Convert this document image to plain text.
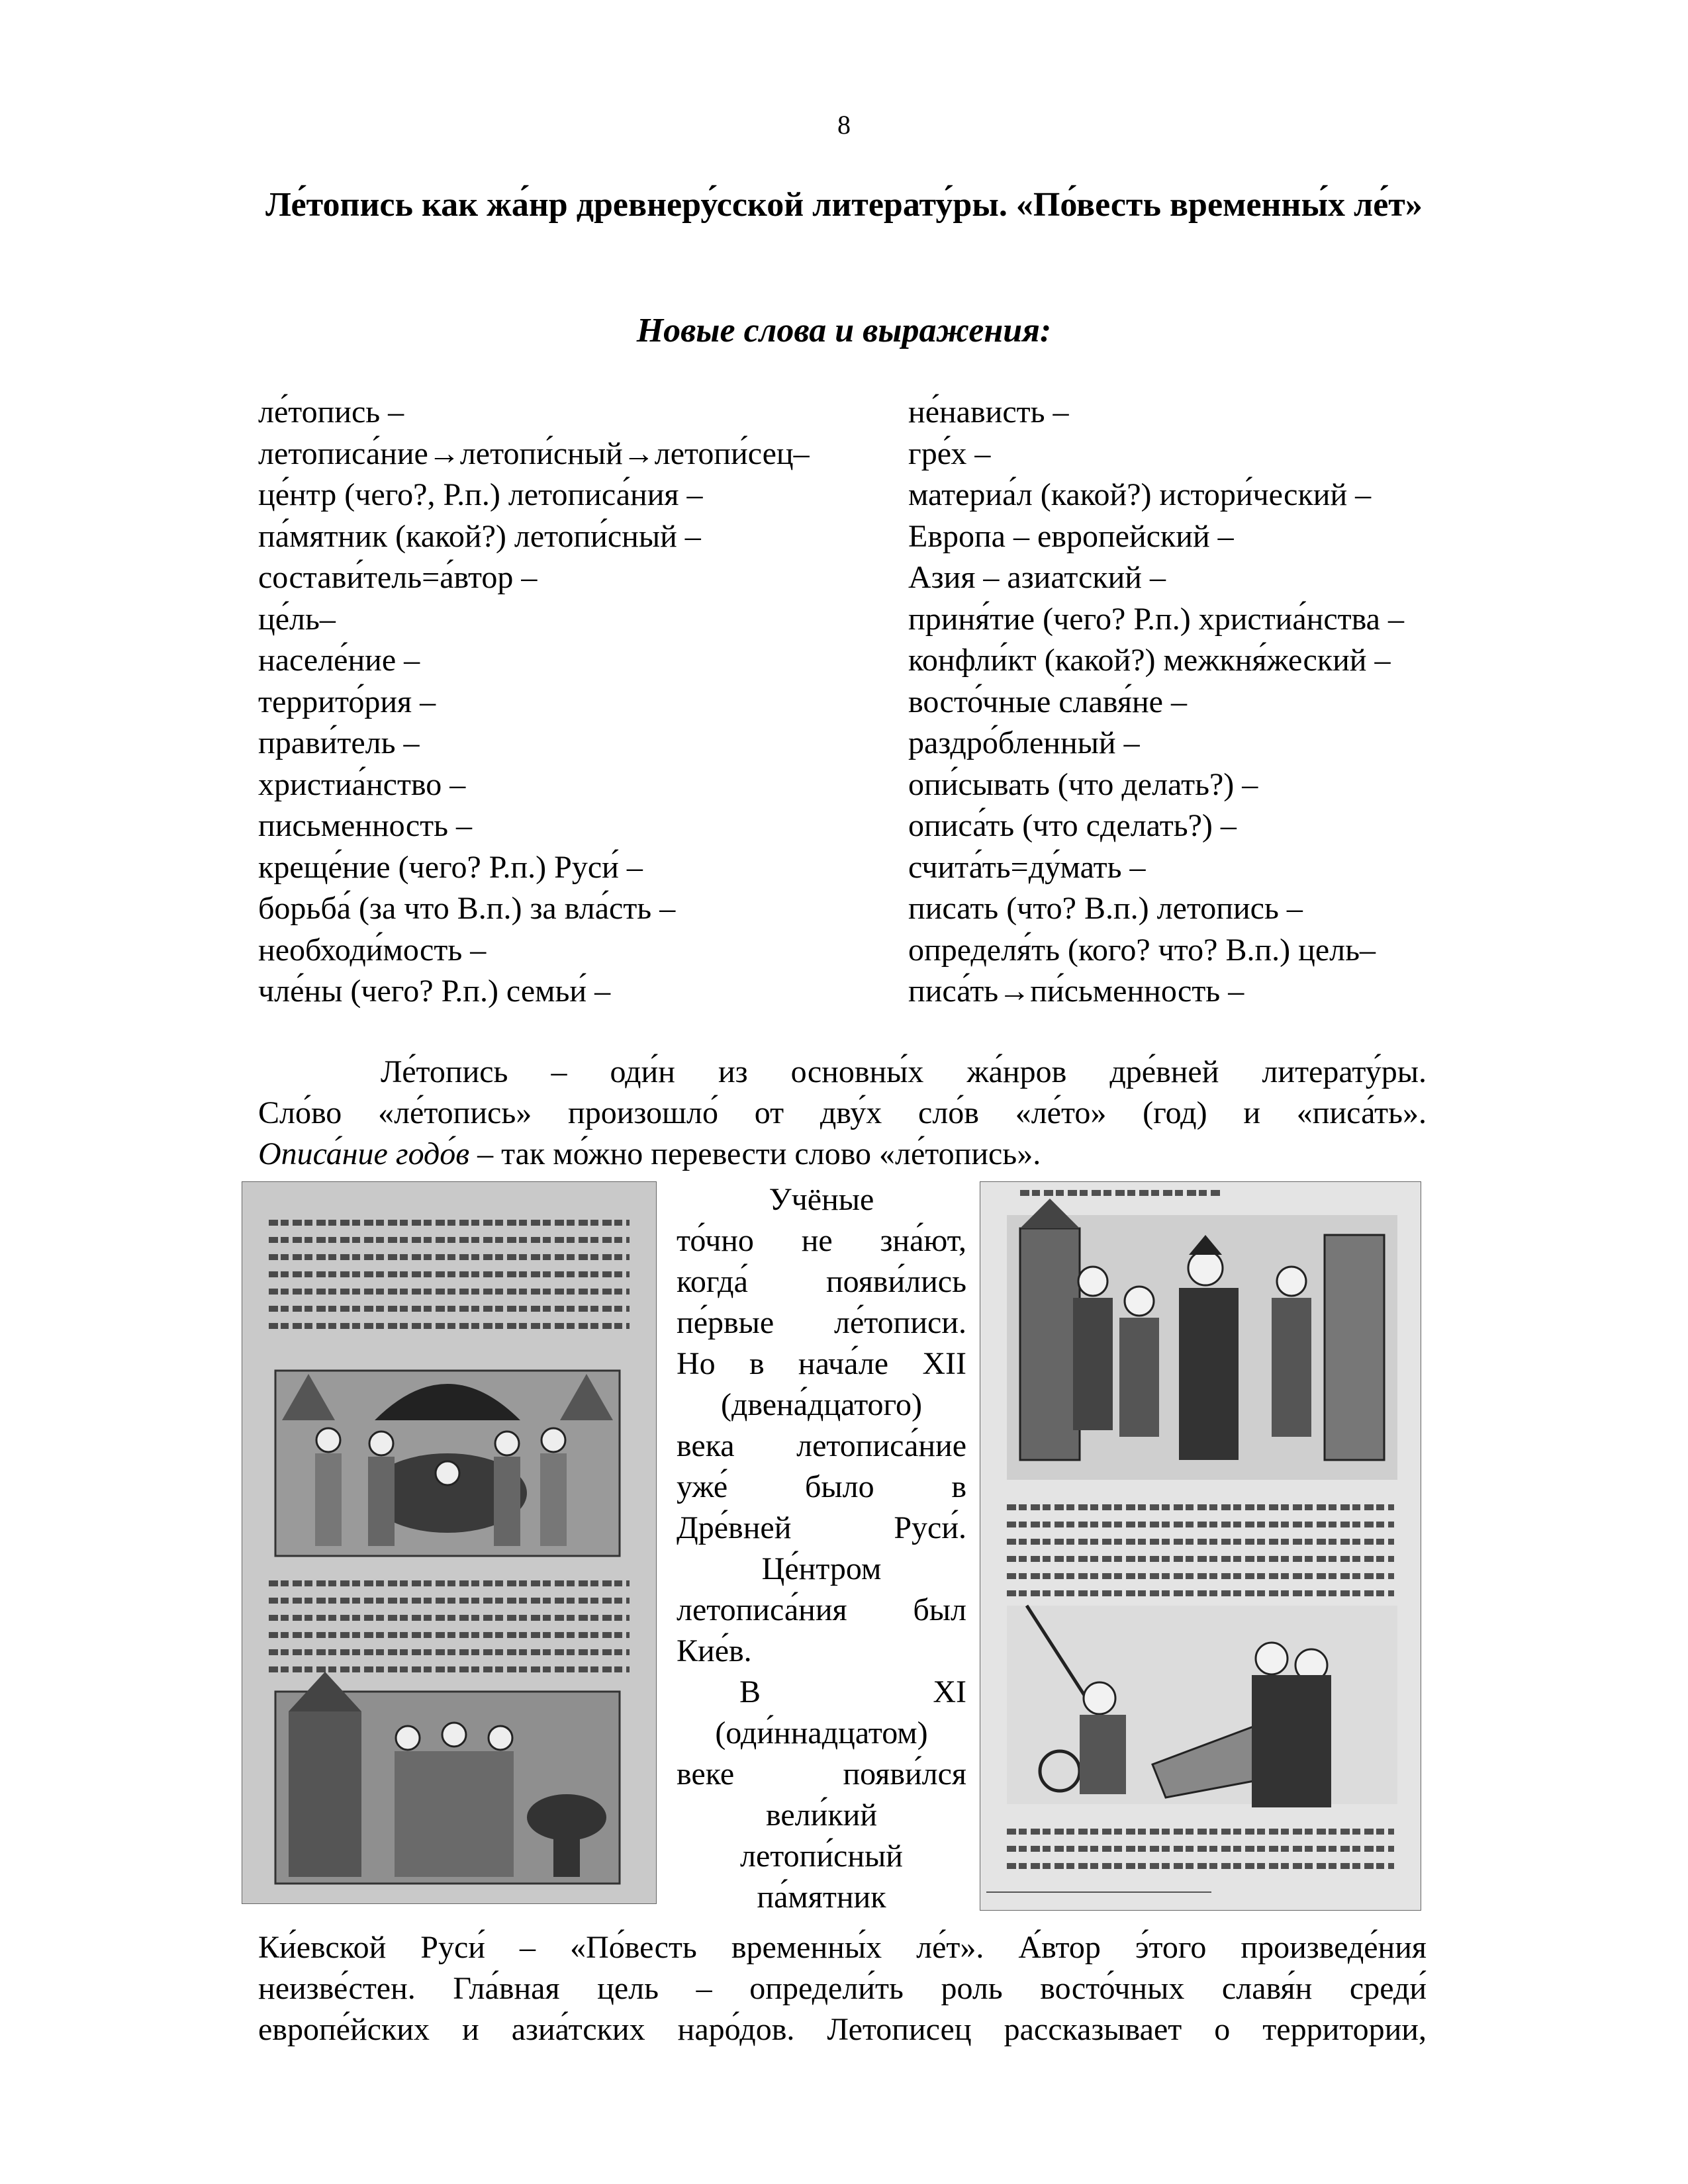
8
Ле́топись как жа́нр древнеру́сской литерату́ры. «По́весть временны́х ле́т»
Новые слова и выражения:
ле́топись –
летописа́ние→летопи́сный→летопи́сец–
це́нтр (чего?, Р.п.) летописа́ния –
па́мятник (какой?) летопи́сный –
состави́тель=а́втор –
це́ль–
населе́ние –
террито́рия –
прави́тель –
христиа́нство –
письменность –
креще́ние (чего? Р.п.) Руси́ –
борьба́ (за что В.п.) за вла́сть –
необходи́мость –
чле́ны (чего? Р.п.) семьи́ –
не́нависть –
гре́х –
материа́л (какой?) истори́ческий –
Европа – европейский –
Азия – азиатский –
приня́тие (чего? Р.п.) христиа́нства –
конфли́кт (какой?) межкня́жеский –
восто́чные славя́не –
раздро́бленный –
опи́сывать (что делать?) –
описа́ть (что сделать?) –
счита́ть=ду́мать –
писать (что? В.п.) летопись –
определя́ть (кого? что? В.п.) цель–
писа́ть→пи́сьменность –
Ле́топись – оди́н из основны́х жа́нров дре́вней литерату́ры.
Сло́во «ле́топись» произошло́ от дву́х сло́в «ле́то» (год) и «писа́ть».
Описа́ние годо́в – так мо́жно перевести слово «ле́топись».
Учёные
то́чно не зна́ют,
когда́ появи́лись
пе́рвые ле́тописи.
Но в нача́ле XII
(двена́дцатого)
века летописа́ние
уже́ было в
Дре́вней Руси́.
Це́нтром
летописа́ния был
Кие́в.
В XI
(оди́ннадцатом)
веке появи́лся
вели́кий
летопи́сный
па́мятник
Ки́евской Руси́ – «По́весть временны́х ле́т». А́втор э́того произведе́ния
неизве́стен. Гла́вная цель – определи́ть роль восто́чных славя́н среди́
европе́йских и азиа́тских наро́дов. Летописец рассказывает о территории,
